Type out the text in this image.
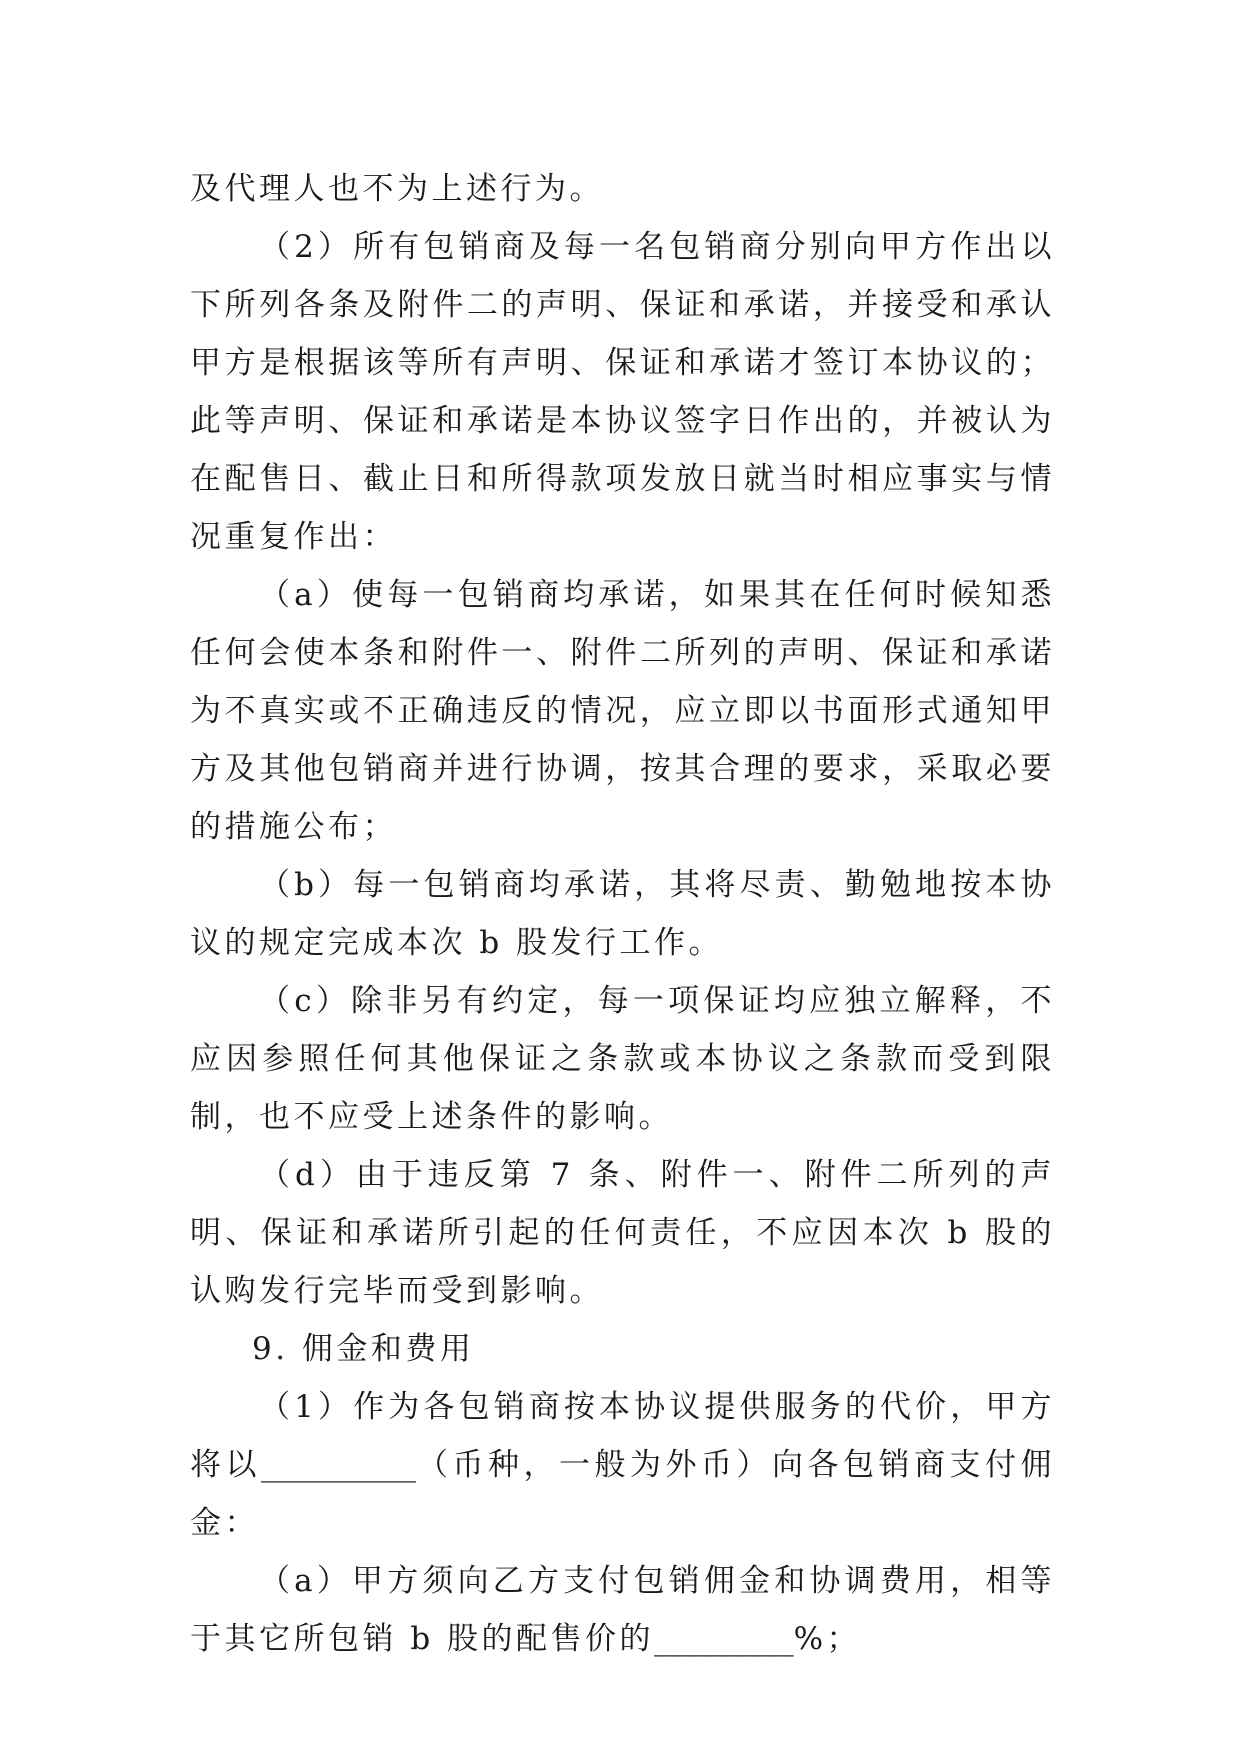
及代理人也不为上述行为。

（2）所有包销商及每一名包销商分别向甲方作出以下所列各条及附件二的声明、保证和承诺，并接受和承认甲方是根据该等所有声明、保证和承诺才签订本协议的；此等声明、保证和承诺是本协议签字日作出的，并被认为在配售日、截止日和所得款项发放日就当时相应事实与情况重复作出：

（a）使每一包销商均承诺，如果其在任何时候知悉任何会使本条和附件一、附件二所列的声明、保证和承诺为不真实或不正确违反的情况，应立即以书面形式通知甲方及其他包销商并进行协调，按其合理的要求，采取必要的措施公布；

（b）每一包销商均承诺，其将尽责、勤勉地按本协议的规定完成本次 b 股发行工作。

（c）除非另有约定，每一项保证均应独立解释，不应因参照任何其他保证之条款或本协议之条款而受到限制，也不应受上述条件的影响。

（d）由于违反第 7 条、附件一、附件二所列的声明、保证和承诺所引起的任何责任，不应因本次 b 股的认购发行完毕而受到影响。

9. 佣金和费用

（1）作为各包销商按本协议提供服务的代价，甲方将以__________（币种，一般为外币）向各包销商支付佣金：

（a）甲方须向乙方支付包销佣金和协调费用，相等于其它所包销 b 股的配售价的_________%；
